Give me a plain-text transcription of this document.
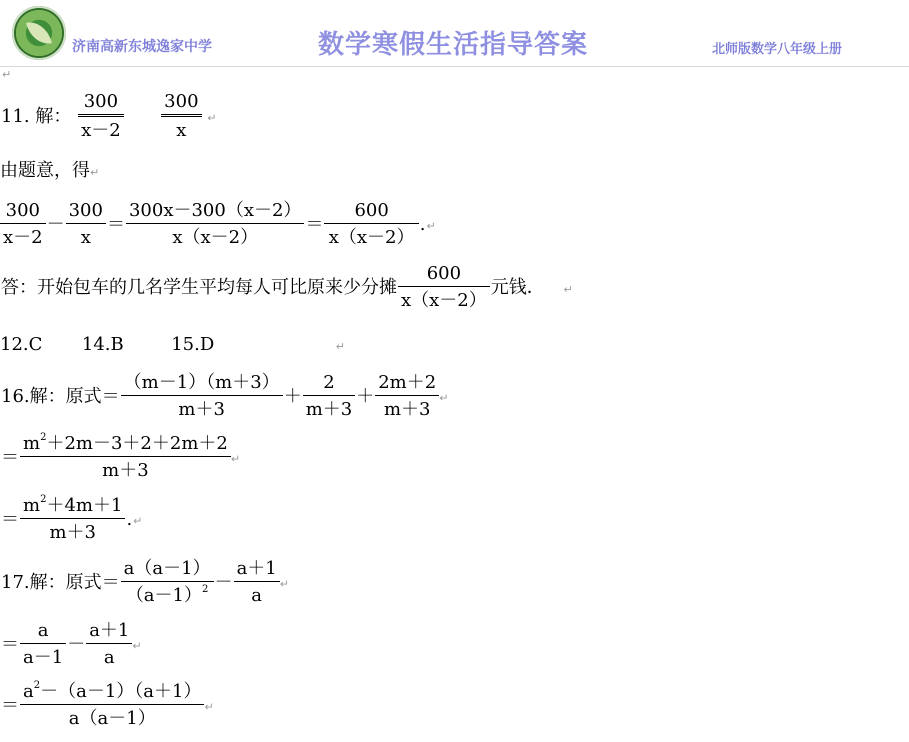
济南高新东城逸家中学	数学寒假生活指导答案	北师版数学八年级上册
↵
11. 解： $\frac{300}{x-2}$
$\frac{300}{x}$ ↵
由题意，得↵
$\frac{300}{x-2} - \frac{300}{x} = \frac{300x-300(x-2)}{x(x-2)} = \frac{600}{x(x-2)}$ .↵
答：开始包车的几名学生平均每人可比原来少分摊 $\frac{600}{x(x-2)}$ 元钱． ↵
12.C 14.B	15.D	↵
16.解：原式＝ $\frac{(m-1)(m+3)}{m+3} + \frac{2}{m+3} + \frac{2m+2}{m+3}$ ↵
＝ $\frac{m^2+2m-3+2+2m+2}{m+3}$ ↵
＝ $\frac{m^2+4m+1}{m+3}$ .↵
17.解：原式＝ $\frac{a(a-1)}{(a-1)^2} - \frac{a+1}{a}$ ↵
＝ $\frac{a}{a-1} - \frac{a+1}{a}$ ↵
＝ $\frac{a^2-(a-1)(a+1)}{a(a-1)}$ ↵
